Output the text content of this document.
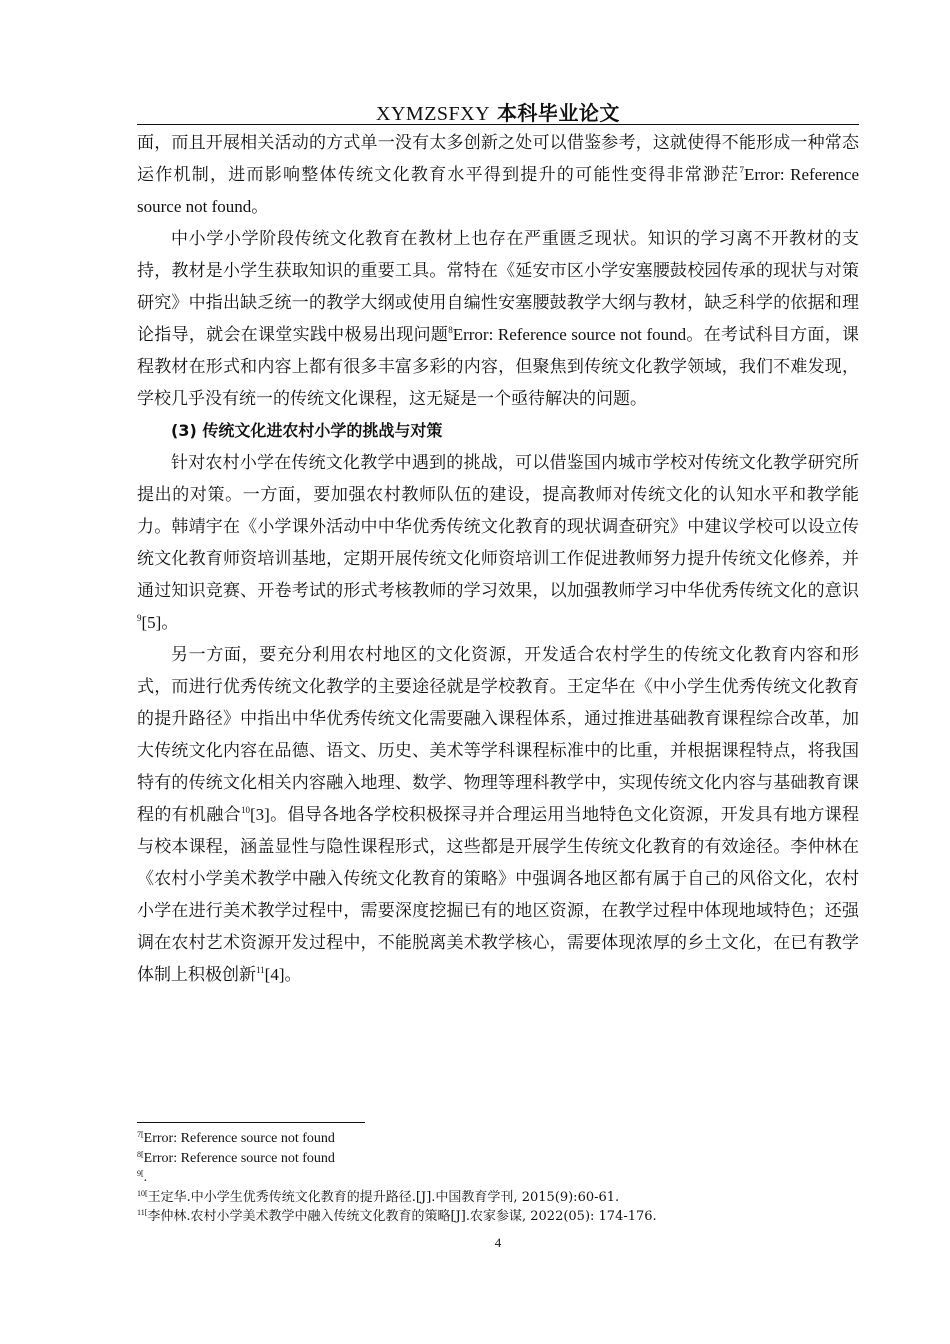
XYMZSFXY 本科毕业论文

面，而且开展相关活动的方式单一没有太多创新之处可以借鉴参考，这就使得不能形成一种常态运作机制，进而影响整体传统文化教育水平得到提升的可能性变得非常渺茫$^7$Error: Reference source not found。

中小学小学阶段传统文化教育在教材上也存在严重匮乏现状。知识的学习离不开教材的支持，教材是小学生获取知识的重要工具。常特在《延安市区小学安塞腰鼓校园传承的现状与对策研究》中指出缺乏统一的教学大纲或使用自编性安塞腰鼓教学大纲与教材，缺乏科学的依据和理论指导，就会在课堂实践中极易出现问题$^8$Error: Reference source not found。在考试科目方面，课程教材在形式和内容上都有很多丰富多彩的内容，但聚焦到传统文化教学领域，我们不难发现，学校几乎没有统一的传统文化课程，这无疑是一个亟待解决的问题。

(3) 传统文化进农村小学的挑战与对策

针对农村小学在传统文化教学中遇到的挑战，可以借鉴国内城市学校对传统文化教学研究所提出的对策。一方面，要加强农村教师队伍的建设，提高教师对传统文化的认知水平和教学能力。韩靖宇在《小学课外活动中中华优秀传统文化教育的现状调查研究》中建议学校可以设立传统文化教育师资培训基地，定期开展传统文化师资培训工作促进教师努力提升传统文化修养，并通过知识竞赛、开卷考试的形式考核教师的学习效果，以加强教师学习中华优秀传统文化的意识$^9$[5]。

另一方面，要充分利用农村地区的文化资源，开发适合农村学生的传统文化教育内容和形式，而进行优秀传统文化教学的主要途径就是学校教育。王定华在《中小学生优秀传统文化教育的提升路径》中指出中华优秀传统文化需要融入课程体系，通过推进基础教育课程综合改革，加大传统文化内容在品德、语文、历史、美术等学科课程标准中的比重，并根据课程特点，将我国特有的传统文化相关内容融入地理、数学、物理等理科教学中，实现传统文化内容与基础教育课程的有机融合$^{10}$[3]。倡导各地各学校积极探寻并合理运用当地特色文化资源，开发具有地方课程与校本课程，涵盖显性与隐性课程形式，这些都是开展学生传统文化教育的有效途径。李仲林在《农村小学美术教学中融入传统文化教育的策略》中强调各地区都有属于自己的风俗文化，农村小学在进行美术教学过程中，需要深度挖掘已有的地区资源，在教学过程中体现地域特色；还强调在农村艺术资源开发过程中，不能脱离美术教学核心，需要体现浓厚的乡土文化，在已有教学体制上积极创新$^{11}$[4]。

$^{7[}$Error: Reference source not found
$^{8[}$Error: Reference source not found
$^{9[}$.
$^{10[}$王定华.中小学生优秀传统文化教育的提升路径.[J].中国教育学刊, 2015(9):60-61.
$^{11[}$李仲林.农村小学美术教学中融入传统文化教育的策略[J].农家参谋, 2022(05): 174-176.
4
